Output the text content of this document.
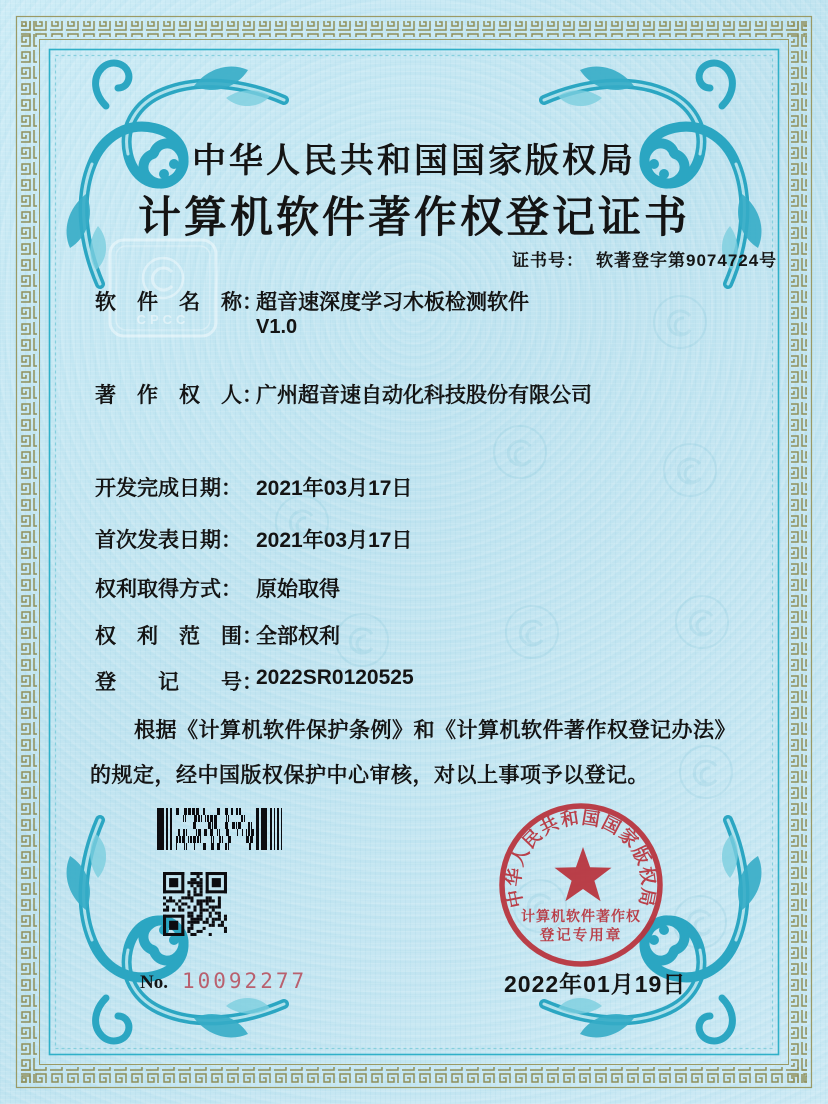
CPCC
中华人民共和国国家版权局
计算机软件著作权登记证书
证书号： 软著登字第9074724号
软　件　名　称：
超音速深度学习木板检测软件
V1.0
著　作　权　人：
广州超音速自动化科技股份有限公司
开发完成日期： 2021年03月17日
首次发表日期： 2021年03月17日
权利取得方式： 原始取得
权　利　范　围：
全部权利
登　　记　　号：
2022SR0120525
根据《计算机软件保护条例》和《计算机软件著作权登记办法》的规定，经中国版权保护中心审核，对以上事项予以登记。
No. 10092277
中华人民共和国国家版权局
计算机软件著作权
登记专用章
2022年01月19日
